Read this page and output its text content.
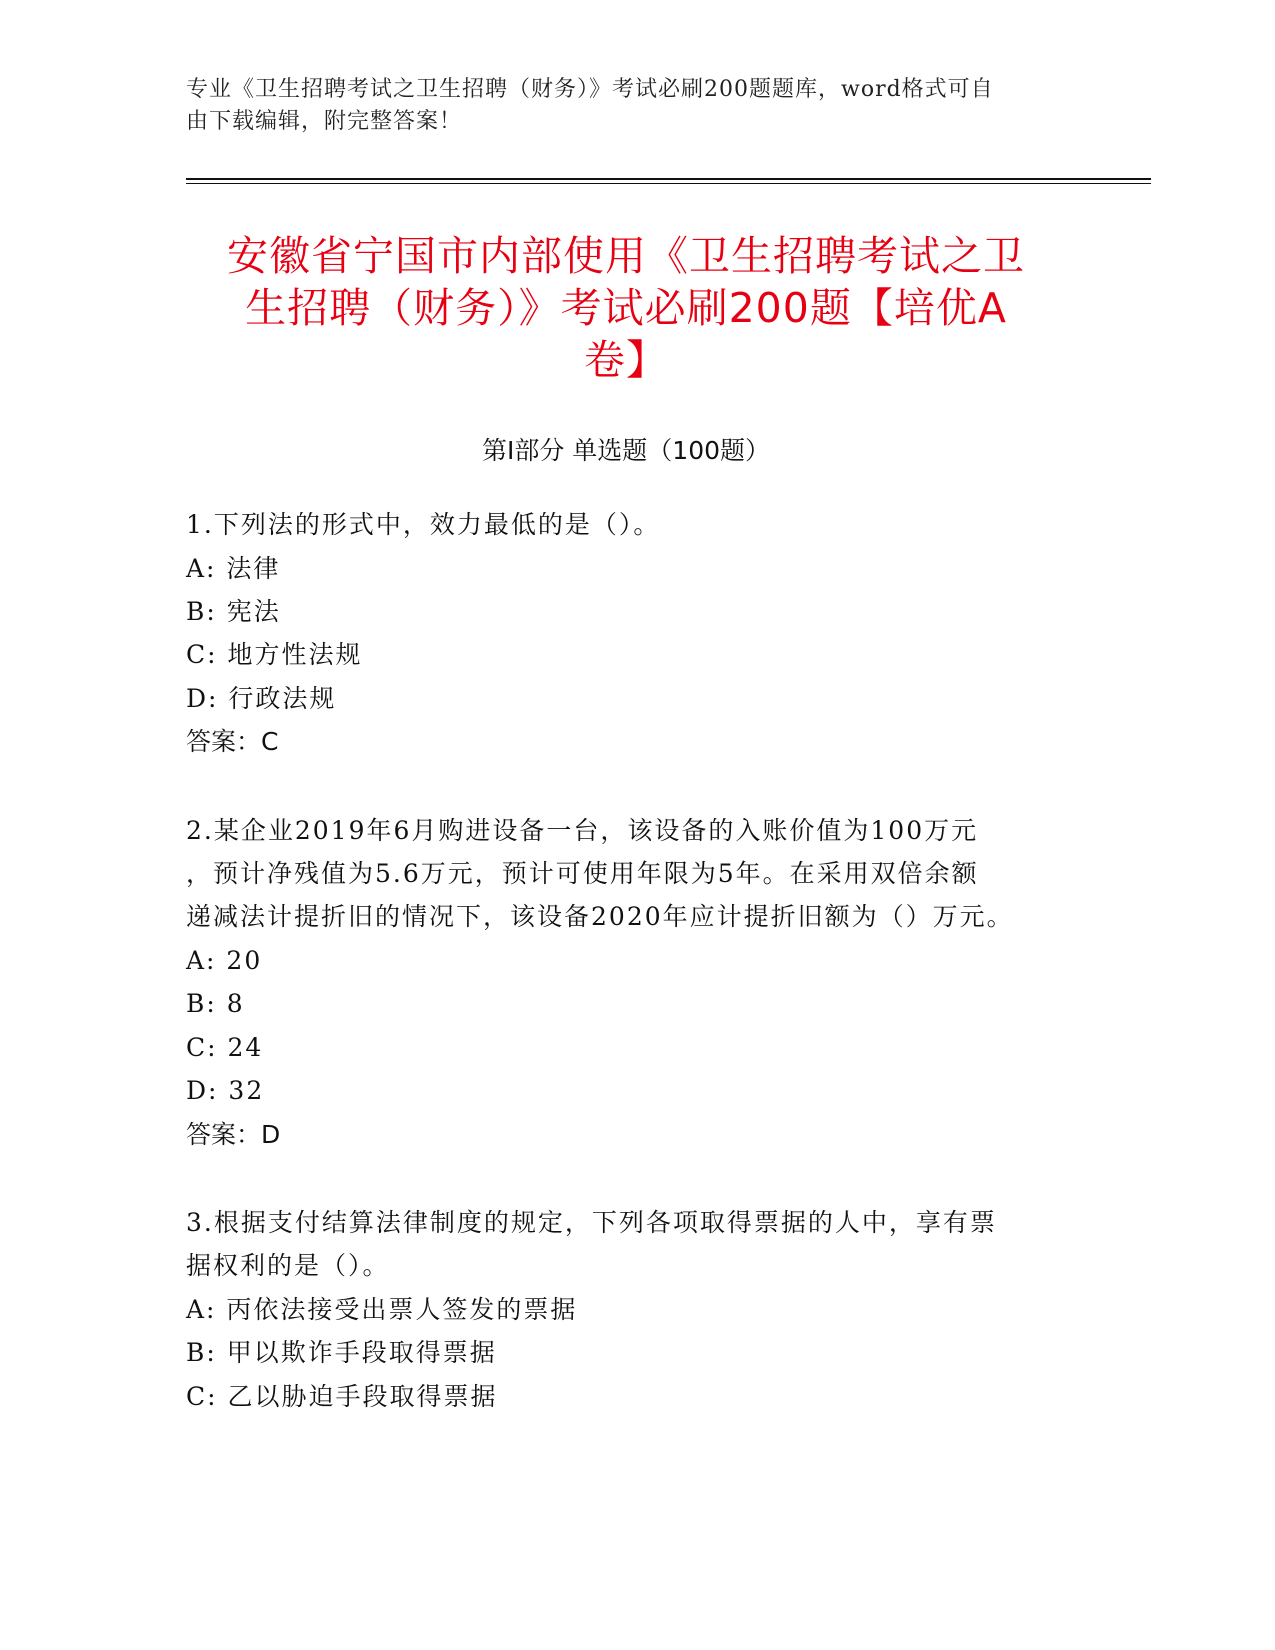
专业《卫生招聘考试之卫生招聘（财务）》考试必刷200题题库，word格式可自
由下载编辑，附完整答案！
安徽省宁国市内部使用《卫生招聘考试之卫
生招聘（财务）》考试必刷200题【培优A
卷】
第Ⅰ部分 单选题（100题）
1.下列法的形式中，效力最低的是（）。
A: 法律
B: 宪法
C: 地方性法规
D: 行政法规
答案：C
2.某企业2019年6月购进设备一台，该设备的入账价值为100万元
，预计净残值为5.6万元，预计可使用年限为5年。在采用双倍余额
递减法计提折旧的情况下，该设备2020年应计提折旧额为（）万元。
A: 20
B: 8
C: 24
D: 32
答案：D
3.根据支付结算法律制度的规定，下列各项取得票据的人中，享有票
据权利的是（）。
A: 丙依法接受出票人签发的票据
B: 甲以欺诈手段取得票据
C: 乙以胁迫手段取得票据
